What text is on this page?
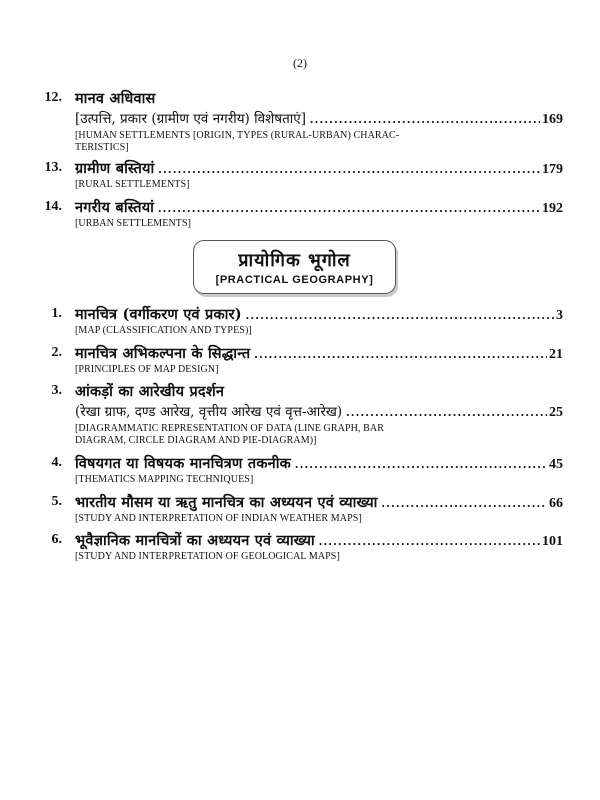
(2)
12. मानव अधिवास
[उत्पत्ति, प्रकार (ग्रामीण एवं नगरीय) विशेषताएं] .....	169
[HUMAN SETTLEMENTS [ORIGIN, TYPES (RURAL-URBAN) CHARAC-
TERISTICS]
13. ग्रामीण बस्तियां .....	179
[RURAL SETTLEMENTS]
14. नगरीय बस्तियां .....	192
[URBAN SETTLEMENTS]
प्रायोगिक भूगोल
[PRACTICAL GEOGRAPHY]
1. मानचित्र (वर्गीकरण एवं प्रकार) .....	3
[MAP (CLASSIFICATION AND TYPES)]
2. मानचित्र अभिकल्पना के सिद्धान्त .....	21
[PRINCIPLES OF MAP DESIGN]
3. आंकड़ों का आरेखीय प्रदर्शन
(रेखा ग्राफ, दण्ड आरेख, वृत्तीय आरेख एवं वृत्त-आरेख) .....	25
[DIAGRAMMATIC REPRESENTATION OF DATA (LINE GRAPH, BAR
DIAGRAM, CIRCLE DIAGRAM AND PIE-DIAGRAM)]
4. विषयगत या विषयक मानचित्रण तकनीक .....	45
[THEMATICS MAPPING TECHNIQUES]
5. भारतीय मौसम या ऋतु मानचित्र का अध्ययन एवं व्याख्या .....	66
[STUDY AND INTERPRETATION OF INDIAN WEATHER MAPS]
6. भूवैज्ञानिक मानचित्रों का अध्ययन एवं व्याख्या .....	101
[STUDY AND INTERPRETATION OF GEOLOGICAL MAPS]
